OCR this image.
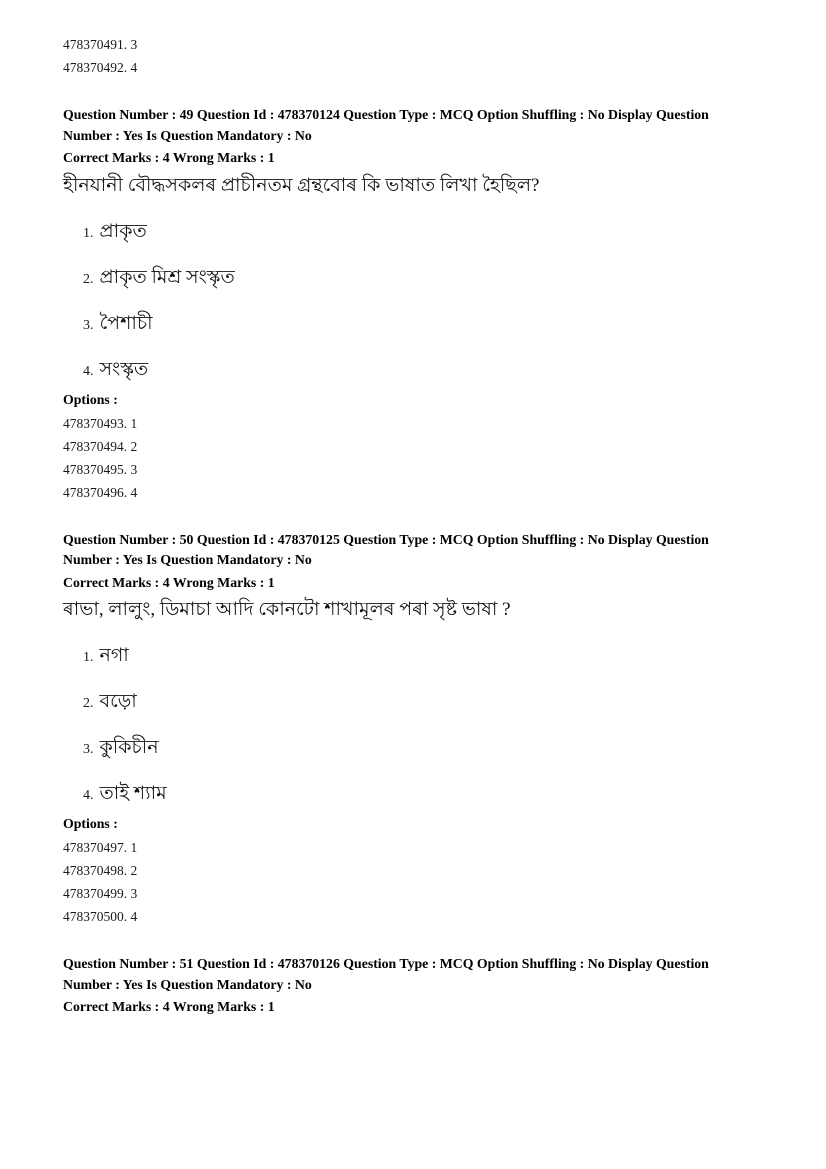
478370491. 3
478370492. 4
Question Number : 49 Question Id : 478370124 Question Type : MCQ Option Shuffling : No Display Question
Number : Yes Is Question Mandatory : No
Correct Marks : 4 Wrong Marks : 1
হীনযানী বৌদ্ধসকলৰ প্ৰাচীনতম গ্ৰন্থবোৰ কি ভাষাত লিখা হৈছিল?
1. প্ৰাকৃত
2. প্ৰাকৃত মিশ্ৰ সংস্কৃত
3. পৈশাচী
4. সংস্কৃত
Options :
478370493. 1
478370494. 2
478370495. 3
478370496. 4
Question Number : 50 Question Id : 478370125 Question Type : MCQ Option Shuffling : No Display Question
Number : Yes Is Question Mandatory : No
Correct Marks : 4 Wrong Marks : 1
ৰাভা, লালুং, ডিমাচা আদি কোনটো শাখামূলৰ পৰা সৃষ্ট ভাষা ?
1. নগা
2. বড়ো
3. কুকিচীন
4. তাই শ্যাম
Options :
478370497. 1
478370498. 2
478370499. 3
478370500. 4
Question Number : 51 Question Id : 478370126 Question Type : MCQ Option Shuffling : No Display Question
Number : Yes Is Question Mandatory : No
Correct Marks : 4 Wrong Marks : 1
